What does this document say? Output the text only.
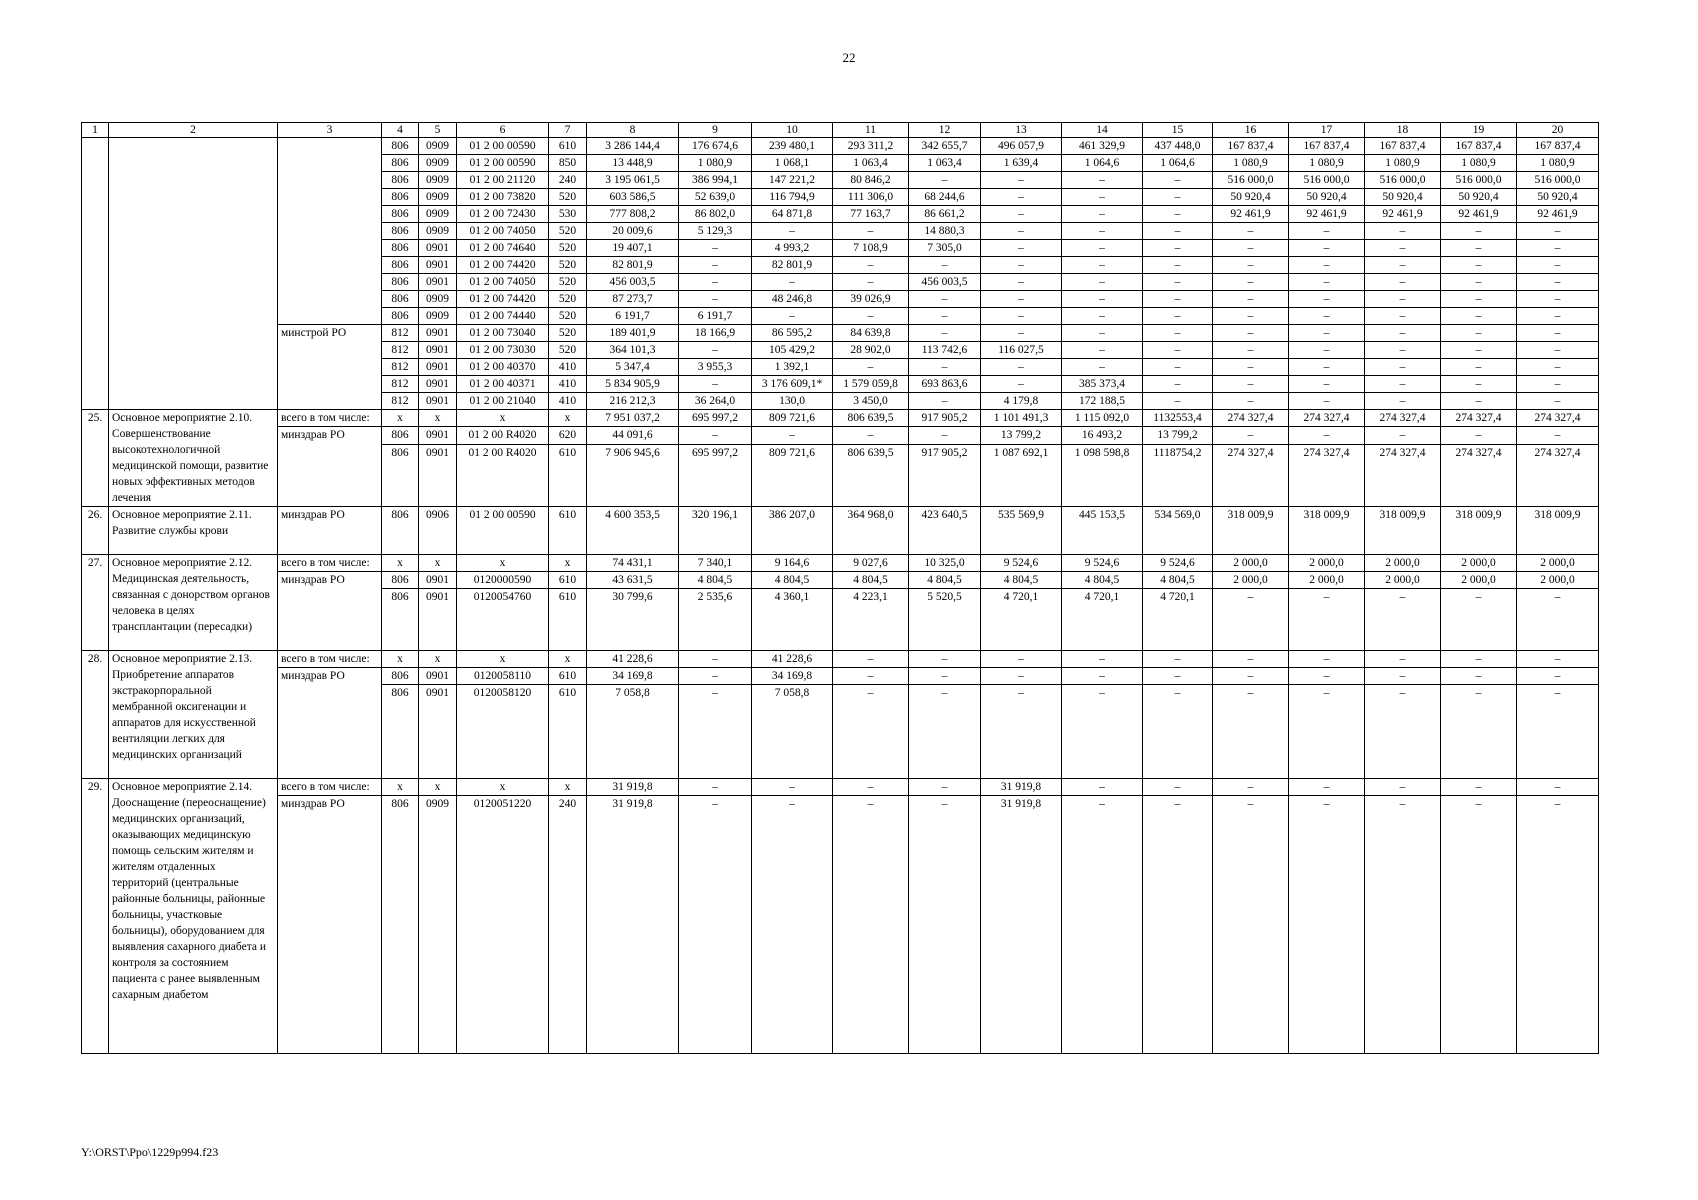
22
1	2	3	4	5	6	7	8	9	10	11	12	13	14	15	16	17	18	19	20
			806	0909	01 2 00 00590	610	3 286 144,4	176 674,6	239 480,1	293 311,2	342 655,7	496 057,9	461 329,9	437 448,0	167 837,4	167 837,4	167 837,4	167 837,4	167 837,4
			806	0909	01 2 00 00590	850	13 448,9	1 080,9	1 068,1	1 063,4	1 063,4	1 639,4	1 064,6	1 064,6	1 080,9	1 080,9	1 080,9	1 080,9	1 080,9
			806	0909	01 2 00 21120	240	3 195 061,5	386 994,1	147 221,2	80 846,2	–	–	–	–	516 000,0	516 000,0	516 000,0	516 000,0	516 000,0
			806	0909	01 2 00 73820	520	603 586,5	52 639,0	116 794,9	111 306,0	68 244,6	–	–	–	50 920,4	50 920,4	50 920,4	50 920,4	50 920,4
			806	0909	01 2 00 72430	530	777 808,2	86 802,0	64 871,8	77 163,7	86 661,2	–	–	–	92 461,9	92 461,9	92 461,9	92 461,9	92 461,9
			806	0909	01 2 00 74050	520	20 009,6	5 129,3	–	–	14 880,3	–	–	–	–	–	–	–	–
			806	0901	01 2 00 74640	520	19 407,1	–	4 993,2	7 108,9	7 305,0	–	–	–	–	–	–	–	–
			806	0901	01 2 00 74420	520	82 801,9	–	82 801,9	–	–	–	–	–	–	–	–	–	–
			806	0901	01 2 00 74050	520	456 003,5	–	–	–	456 003,5	–	–	–	–	–	–	–	–
			806	0909	01 2 00 74420	520	87 273,7	–	48 246,8	39 026,9	–	–	–	–	–	–	–	–	–
			806	0909	01 2 00 74440	520	6 191,7	6 191,7	–	–	–	–	–	–	–	–	–	–	–
		минстрой РО	812	0901	01 2 00 73040	520	189 401,9	18 166,9	86 595,2	84 639,8	–	–	–	–	–	–	–	–	–
			812	0901	01 2 00 73030	520	364 101,3	–	105 429,2	28 902,0	113 742,6	116 027,5	–	–	–	–	–	–	–
			812	0901	01 2 00 40370	410	5 347,4	3 955,3	1 392,1	–	–	–	–	–	–	–	–	–	–
			812	0901	01 2 00 40371	410	5 834 905,9	–	3 176 609,1*	1 579 059,8	693 863,6	–	385 373,4	–	–	–	–	–	–
			812	0901	01 2 00 21040	410	216 212,3	36 264,0	130,0	3 450,0	–	4 179,8	172 188,5	–	–	–	–	–	–
25.	Основное мероприятие 2.10. Совершенствование высокотехнологичной медицинской помощи, развитие новых эффективных методов лечения	всего в том числе:	x	x	x	x	7 951 037,2	695 997,2	809 721,6	806 639,5	917 905,2	1 101 491,3	1 115 092,0	1132553,4	274 327,4	274 327,4	274 327,4	274 327,4	274 327,4
		минздрав РО	806	0901	01 2 00 R4020	620	44 091,6	–	–	–	–	13 799,2	16 493,2	13 799,2	–	–	–	–	–
			806	0901	01 2 00 R4020	610	7 906 945,6	695 997,2	809 721,6	806 639,5	917 905,2	1 087 692,1	1 098 598,8	1118754,2	274 327,4	274 327,4	274 327,4	274 327,4	274 327,4
26.	Основное мероприятие 2.11. Развитие службы крови	минздрав РО	806	0906	01 2 00 00590	610	4 600 353,5	320 196,1	386 207,0	364 968,0	423 640,5	535 569,9	445 153,5	534 569,0	318 009,9	318 009,9	318 009,9	318 009,9	318 009,9
27.	Основное мероприятие 2.12. Медицинская деятельность, связанная с донорством органов человека в целях трансплантации (пересадки)	всего в том числе:	x	x	x	x	74 431,1	7 340,1	9 164,6	9 027,6	10 325,0	9 524,6	9 524,6	9 524,6	2 000,0	2 000,0	2 000,0	2 000,0	2 000,0
		минздрав РО	806	0901	0120000590	610	43 631,5	4 804,5	4 804,5	4 804,5	4 804,5	4 804,5	4 804,5	4 804,5	2 000,0	2 000,0	2 000,0	2 000,0	2 000,0
			806	0901	0120054760	610	30 799,6	2 535,6	4 360,1	4 223,1	5 520,5	4 720,1	4 720,1	4 720,1	–	–	–	–	–
28.	Основное мероприятие 2.13. Приобретение аппаратов экстракорпоральной мембранной оксигенации и аппаратов для искусственной вентиляции легких для медицинских организаций	всего в том числе:	x	x	x	x	41 228,6	–	41 228,6	–	–	–	–	–	–	–	–	–	–
		минздрав РО	806	0901	0120058110	610	34 169,8	–	34 169,8	–	–	–	–	–	–	–	–	–	–
			806	0901	0120058120	610	7 058,8	–	7 058,8	–	–	–	–	–	–	–	–	–	–
29.	Основное мероприятие 2.14. Дооснащение (переоснащение) медицинских организаций, оказывающих медицинскую помощь сельским жителям и жителям отдаленных территорий (центральные районные больницы, районные больницы, участковые больницы), оборудованием для выявления сахарного диабета и контроля за состоянием пациента с ранее выявленным сахарным диабетом	всего в том числе:	x	x	x	x	31 919,8	–	–	–	–	31 919,8	–	–	–	–	–	–	–
		минздрав РО	806	0909	0120051220	240	31 919,8	–	–	–	–	31 919,8	–	–	–	–	–	–	–
Y:\ORST\Ppo\1229p994.f23
